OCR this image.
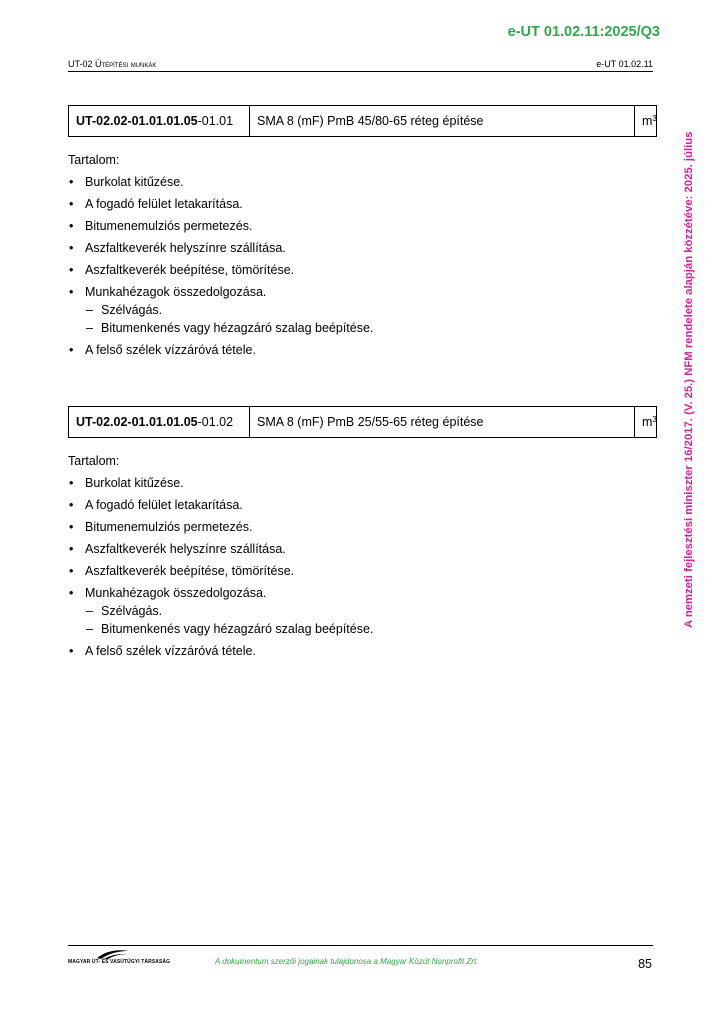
e-UT 01.02.11:2025/Q3
UT-02 Útépítési munkák	e-UT 01.02.11
A nemzeti fejlesztési miniszter 16/2017. (V. 25.) NFM rendelete alapján közzétéve: 2025. július
UT-02.02-01.01.01.05 -01.01	SMA 8 (mF) PmB 45/80-65 réteg építése	$m^3$
Tartalom:
• Burkolat kitűzése.
• A fogadó felület letakarítása.
• Bitumenemulziós permetezés.
• Aszfaltkeverék helyszínre szállítása.
• Aszfaltkeverék beépítése, tömörítése.
• Munkahézagok összedolgozása.
– Szélvágás.
– Bitumenkenés vagy hézagzáró szalag beépítése.
• A felső szélek vízzáróvá tétele.
UT-02.02-01.01.01.05 -01.02	SMA 8 (mF) PmB 25/55-65 réteg építése	$m^3$
Tartalom:
• Burkolat kitűzése.
• A fogadó felület letakarítása.
• Bitumenemulziós permetezés.
• Aszfaltkeverék helyszínre szállítása.
• Aszfaltkeverék beépítése, tömörítése.
• Munkahézagok összedolgozása.
– Szélvágás.
– Bitumenkenés vagy hézagzáró szalag beépítése.
• A felső szélek vízzáróvá tétele.
MAGYAR ÚT- ÉS VASÚTÜGYI TÁRSASÁG	A dokumentum szerzői jogainak tulajdonosa a Magyar Közút Nonprofit Zrt.	85
